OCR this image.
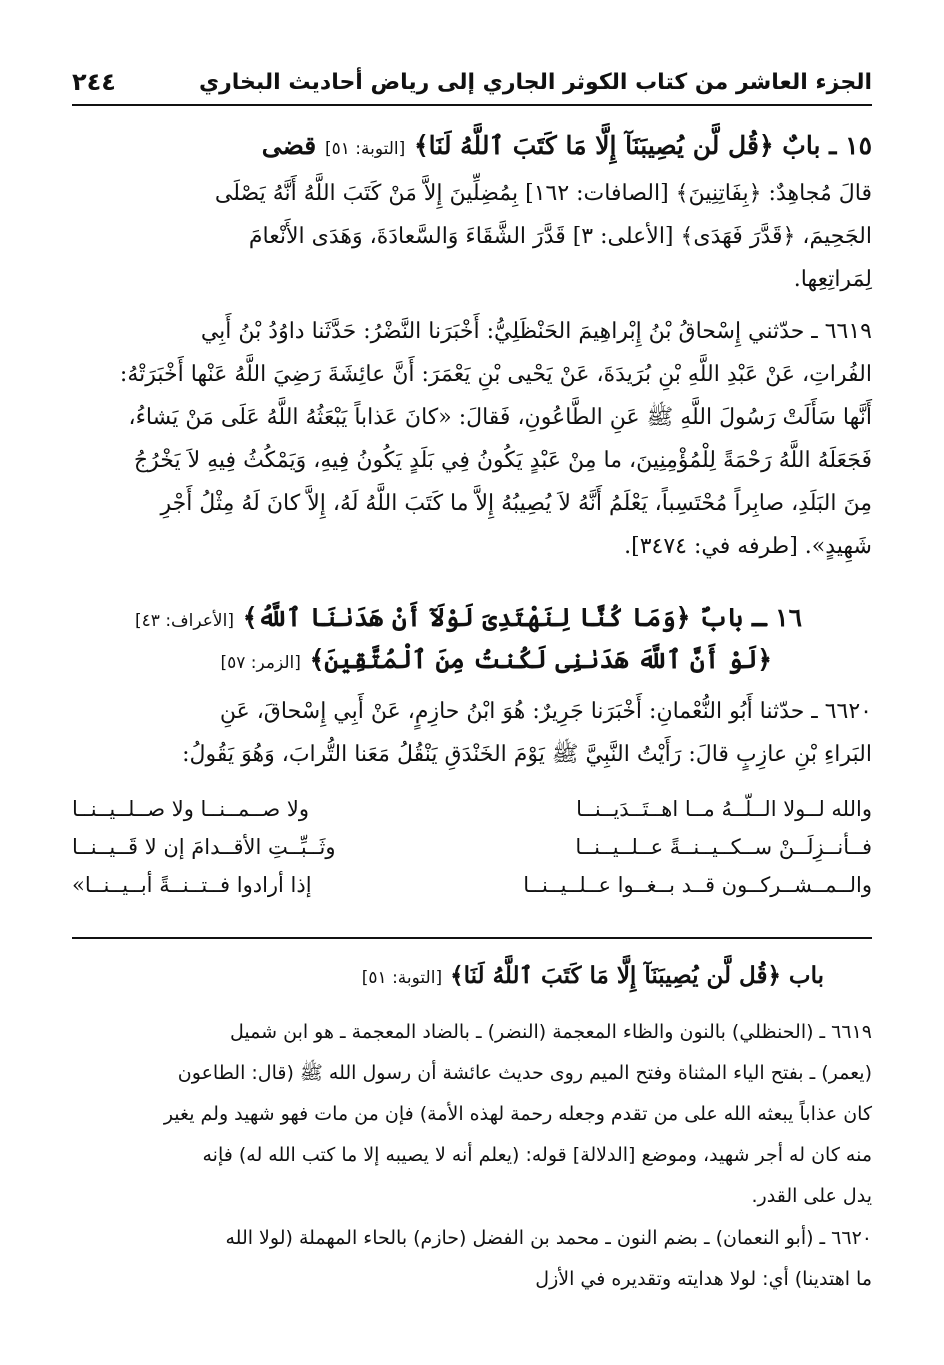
الجزء العاشر من كتاب الكوثر الجاري إلى رياض أحاديث البخاري
٢٤٤
١٥ ـ بابٌ ﴿قُل لَّن يُصِيبَنَآ إِلَّا مَا كَتَبَ ٱللَّهُ لَنَا﴾ [التوبة: ٥١] قضى
قالَ مُجاهِدٌ: ﴿بِفَاتِنِينَ﴾ [الصافات: ١٦٢] بِمُضِلِّينَ إِلاَّ مَنْ كَتَبَ اللَّهُ أَنَّهُ يَصْلَى
الجَحِيمَ، ﴿قَدَّرَ فَهَدَى﴾ [الأعلى: ٣] قَدَّرَ الشَّقَاءَ وَالسَّعادَةَ، وَهَدَى الأَنْعامَ
لِمَراتِعِها.
٦٦١٩ ـ حدّثني إِسْحاقُ بْنُ إِبْراهِيمَ الحَنْظَلِيُّ: أَخْبَرَنا النَّضْرُ: حَدَّثَنا داوُدُ بْنُ أَبِي
الفُراتِ، عَنْ عَبْدِ اللَّهِ بْنِ بُرَيدَةَ، عَنْ يَحْيى بْنِ يَعْمَرَ: أَنَّ عائِشَةَ رَضِيَ اللَّهُ عَنْها أَخْبَرَتْهُ:
أَنَّها سَأَلَتْ رَسُولَ اللَّهِ ﷺ عَنِ الطَّاعُونِ، فَقالَ: «كانَ عَذاباً يَبْعَثُهُ اللَّهُ عَلَى مَنْ يَشاءُ،
فَجَعَلَهُ اللَّهُ رَحْمَةً لِلْمُؤْمِنِينَ، ما مِنْ عَبْدٍ يَكُونُ فِي بَلَدٍ يَكُونُ فِيهِ، وَيَمْكُثُ فِيهِ لاَ يَخْرُجُ
مِنَ البَلَدِ، صابِراً مُحْتَسِباً، يَعْلَمُ أَنَّهُ لاَ يُصِيبُهُ إِلاَّ ما كَتَبَ اللَّهُ لَهُ، إِلاَّ كانَ لَهُ مِثْلُ أَجْرِ
شَهِيدٍ». [طرفه في: ٣٤٧٤].
١٦ ـ بابٌ ﴿وَمَا كُنَّا لِنَهْتَدِىَ لَوْلَآ أَنْ هَدَىٰنَا ٱللَّهُ﴾ [الأعراف: ٤٣]
﴿لَوْ أَنَّ ٱللَّهَ هَدَىٰنِى لَكُنتُ مِنَ ٱلْمُتَّقِينَ﴾ [الزمر: ٥٧]
٦٦٢٠ ـ حدّثنا أَبُو النُّعْمانِ: أَخْبَرَنا جَرِيرٌ: هُوَ ابْنُ حازِمٍ، عَنْ أَبِي إِسْحاقَ، عَنِ
البَراءِ بْنِ عازِبٍ قالَ: رَأَيْتُ النَّبِيَّ ﷺ يَوْمَ الخَنْدَقِ يَنْقُلُ مَعَنا التُّرابَ، وَهُوَ يَقُولُ:
والله لــولا الــلّــهُ مــا اهــتَــدَيــنــا
ولا صــمــنــا ولا صــلــيــنــا
فــأنــزِلَــنْ ســكــيــنــةً عــلــيــنــا
وثَــبِّــتِ الأقــدامَ إن لا قَــيــنــا
والــمــشــركــون قــد بــغــوا عــلــيــنــا
إذا أرادوا فــتــنــةً أبــيــنــا»
باب ﴿قُل لَّن يُصِيبَنَآ إِلَّا مَا كَتَبَ ٱللَّهُ لَنَا﴾ [التوبة: ٥١]
٦٦١٩ ـ (الحنظلي) بالنون والظاء المعجمة (النضر) ـ بالضاد المعجمة ـ هو ابن شميل
(يعمر) ـ بفتح الياء المثناة وفتح الميم روى حديث عائشة أن رسول الله ﷺ (قال: الطاعون
كان عذاباً يبعثه الله على من تقدم وجعله رحمة لهذه الأمة) فإن من مات فهو شهيد ولم يغير
منه كان له أجر شهيد، وموضع [الدلالة] قوله: (يعلم أنه لا يصيبه إلا ما كتب الله له) فإنه
يدل على القدر.
٦٦٢٠ ـ (أبو النعمان) ـ بضم النون ـ محمد بن الفضل (حازم) بالحاء المهملة (لولا الله
ما اهتدينا) أي: لولا هدايته وتقديره في الأزل
